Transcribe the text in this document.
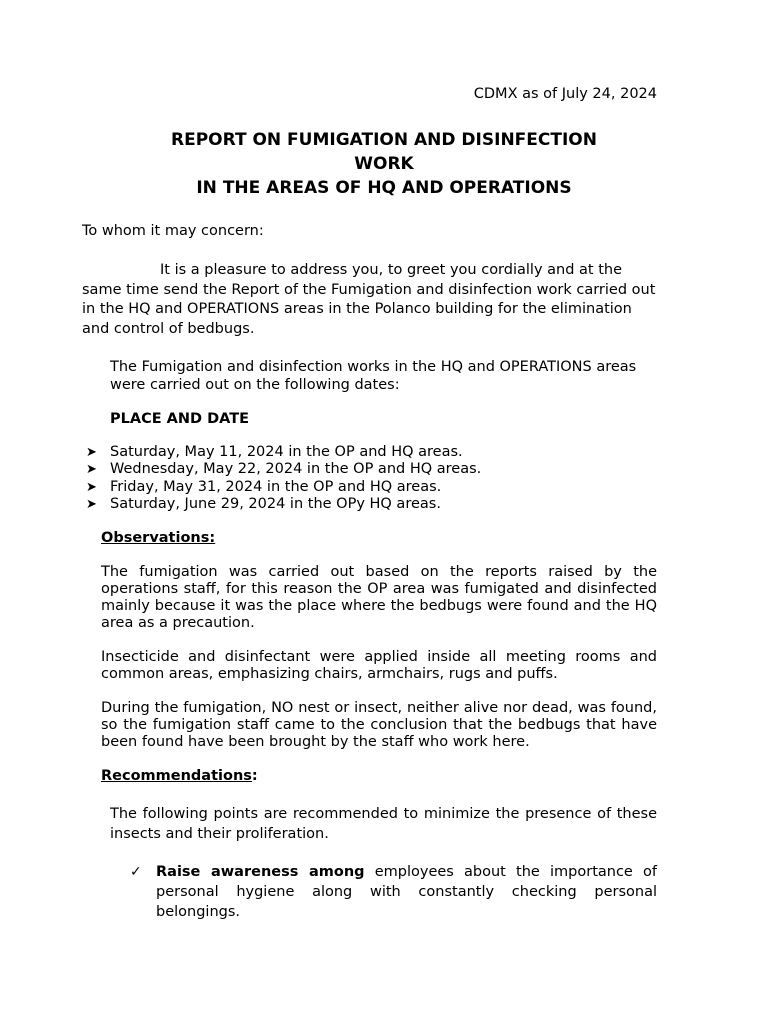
CDMX as of July 24, 2024
REPORT ON FUMIGATION AND DISINFECTION
WORK
IN THE AREAS OF HQ AND OPERATIONS
To whom it may concern:
It is a pleasure to address you, to greet you cordially and at the same time send the Report of the Fumigation and disinfection work carried out in the HQ and OPERATIONS areas in the Polanco building for the elimination and control of bedbugs.
The Fumigation and disinfection works in the HQ and OPERATIONS areas were carried out on the following dates:
PLACE AND DATE
➤ Saturday, May 11, 2024 in the OP and HQ areas.
➤ Wednesday, May 22, 2024 in the OP and HQ areas.
➤ Friday, May 31, 2024 in the OP and HQ areas.
➤ Saturday, June 29, 2024 in the OPy HQ areas.
Observations:
The fumigation was carried out based on the reports raised by the operations staff, for this reason the OP area was fumigated and disinfected mainly because it was the place where the bedbugs were found and the HQ area as a precaution.
Insecticide and disinfectant were applied inside all meeting rooms and common areas, emphasizing chairs, armchairs, rugs and puffs.
During the fumigation, NO nest or insect, neither alive nor dead, was found, so the fumigation staff came to the conclusion that the bedbugs that have been found have been brought by the staff who work here.
Recommendations:
The following points are recommended to minimize the presence of these insects and their proliferation.
✓ Raise awareness among employees about the importance of personal hygiene along with constantly checking personal belongings.
